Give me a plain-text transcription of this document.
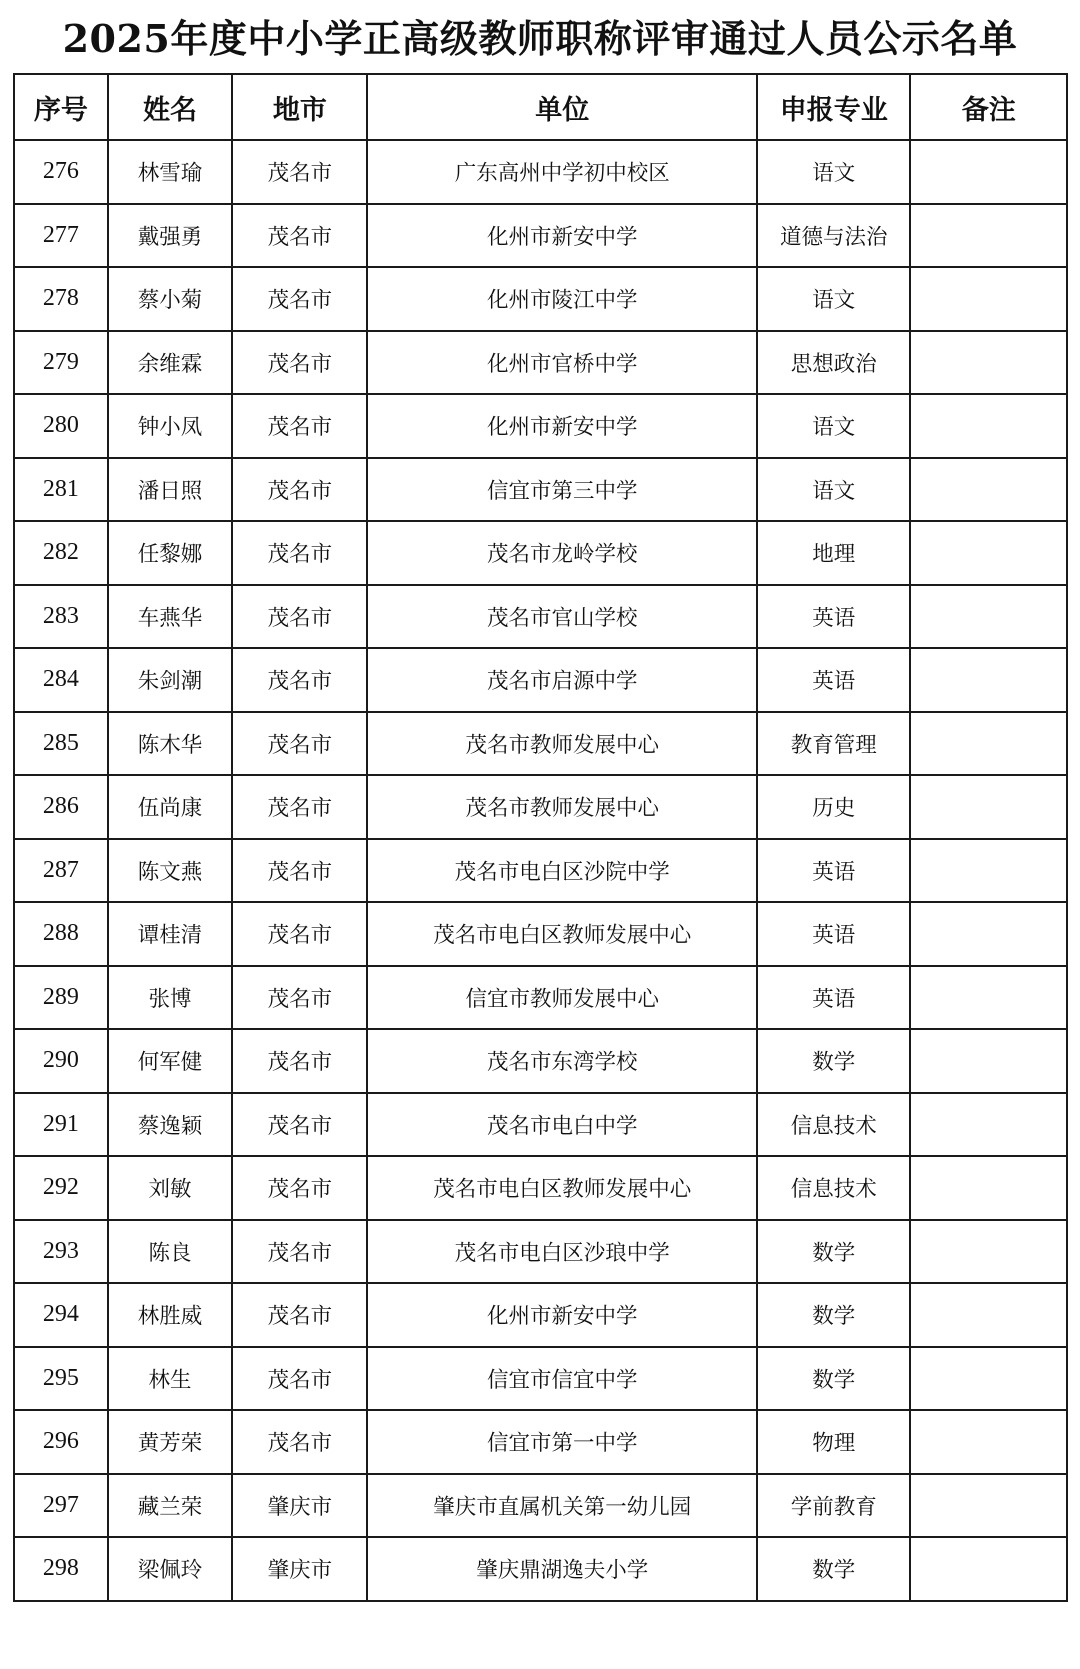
2025年度中小学正高级教师职称评审通过人员公示名单
序号	姓名	地市	单位	申报专业	备注
276	林雪瑜	茂名市	广东高州中学初中校区	语文	
277	戴强勇	茂名市	化州市新安中学	道德与法治	
278	蔡小菊	茂名市	化州市陵江中学	语文	
279	余维霖	茂名市	化州市官桥中学	思想政治	
280	钟小凤	茂名市	化州市新安中学	语文	
281	潘日照	茂名市	信宜市第三中学	语文	
282	任黎娜	茂名市	茂名市龙岭学校	地理	
283	车燕华	茂名市	茂名市官山学校	英语	
284	朱剑潮	茂名市	茂名市启源中学	英语	
285	陈木华	茂名市	茂名市教师发展中心	教育管理	
286	伍尚康	茂名市	茂名市教师发展中心	历史	
287	陈文燕	茂名市	茂名市电白区沙院中学	英语	
288	谭桂清	茂名市	茂名市电白区教师发展中心	英语	
289	张博	茂名市	信宜市教师发展中心	英语	
290	何军健	茂名市	茂名市东湾学校	数学	
291	蔡逸颖	茂名市	茂名市电白中学	信息技术	
292	刘敏	茂名市	茂名市电白区教师发展中心	信息技术	
293	陈良	茂名市	茂名市电白区沙琅中学	数学	
294	林胜威	茂名市	化州市新安中学	数学	
295	林生	茂名市	信宜市信宜中学	数学	
296	黄芳荣	茂名市	信宜市第一中学	物理	
297	藏兰荣	肇庆市	肇庆市直属机关第一幼儿园	学前教育	
298	梁佩玲	肇庆市	肇庆鼎湖逸夫小学	数学	
